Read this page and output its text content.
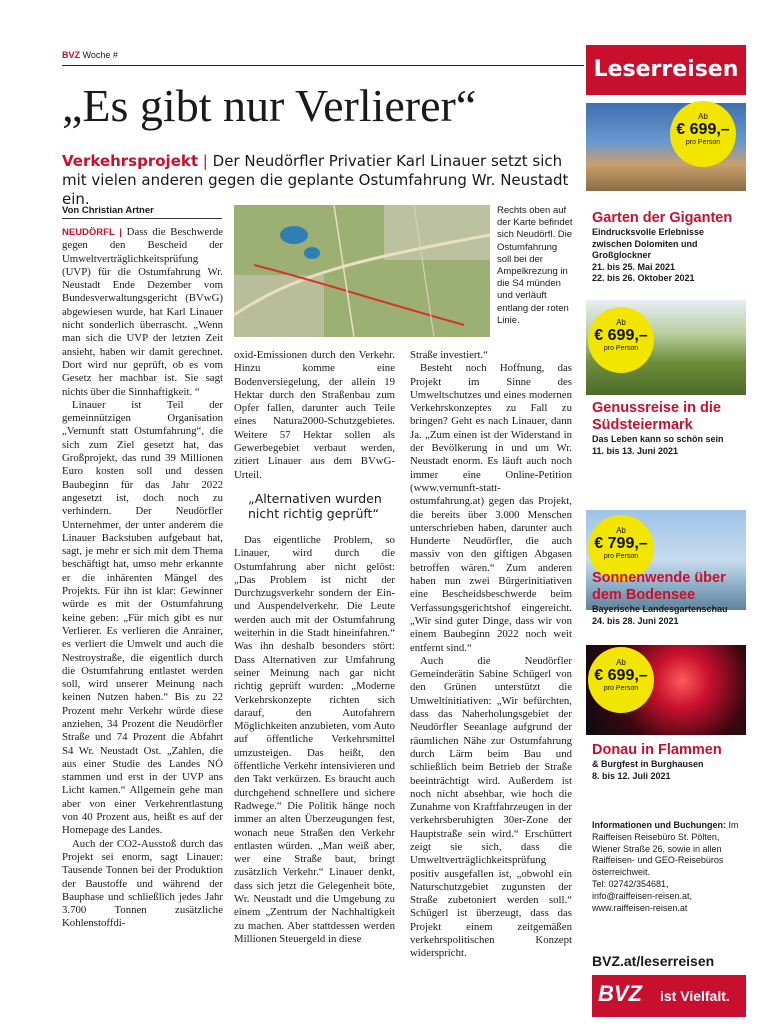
BVZ Woche #
„Es gibt nur Verlierer“
Verkehrsprojekt | Der Neudörfler Privatier Karl Linauer setzt sich mit vielen anderen gegen die geplante Ostumfahrung Wr. Neustadt ein.
Von Christian Artner

NEUDÖRFL | Dass die Beschwerde gegen den Bescheid der Umweltverträglichkeitsprüfung (UVP) für die Ostumfahrung Wr. Neustadt Ende Dezember vom Bundesverwaltungsgericht (BVwG) abgewiesen wurde, hat Karl Linauer nicht sonderlich überrascht. „Wenn man sich die UVP der letzten Zeit ansieht, haben wir damit gerechnet. Dort wird nur geprüft, ob es vom Gesetz her machbar ist. Sie sagt nichts über die Sinnhaftigkeit. “

Linauer ist Teil der gemeinnützigen Organisation „Vernunft statt Ostumfahrung“, die sich zum Ziel gesetzt hat, das Großprojekt, das rund 39 Millionen Euro kosten soll und dessen Baubeginn für das Jahr 2022 angesetzt ist, doch noch zu verhindern. Der Neudörfler Unternehmer, der unter anderem die Linauer Backstuben aufgebaut hat, sagt, je mehr er sich mit dem Thema beschäftigt hat, umso mehr erkannte er die inhärenten Mängel des Projekts. Für ihn ist klar: Gewinner würde es mit der Ostumfahrung keine geben: „Für mich gibt es nur Verlierer. Es verlieren die Anrainer, es verliert die Umwelt und auch die Nestroystraße, die eigentlich durch die Ostumfahrung entlastet werden soll, wird unserer Meinung nach keinen Nutzen haben.“ Bis zu 22 Prozent mehr Verkehr würde diese anziehen, 34 Prozent die Neudörfler Straße und 74 Prozent die Abfahrt S4 Wr. Neustadt Ost. „Zahlen, die aus einer Studie des Landes NÖ stammen und erst in der UVP ans Licht kamen.“ Allgemein gehe man aber von einer Verkehrentlastung von 40 Prozent aus, heißt es auf der Homepage des Landes.

Auch der CO2-Ausstoß durch das Projekt sei enorm, sagt Linauer: Tausende Tonnen bei der Produktion der Baustoffe und während der Bauphase und schließlich jedes Jahr 3.700 Tonnen zusätzliche Kohlenstoffdi-

Rechts oben auf der Karte befindet sich Neudörfl. Die Ostumfahrung soll bei der Ampelkrezung in die S4 münden und verläuft entlang der roten Linie.

oxid-Emissionen durch den Verkehr. Hinzu komme eine Bodenversiegelung, der allein 19 Hektar durch den Straßenbau zum Opfer fallen, darunter auch Teile eines Natura2000-Schutzgebietes. Weitere 57 Hektar sollen als Gewerbegebiet verbaut werden, zitiert Linauer aus dem BVwG-Urteil.

„Alternativen wurden nicht richtig geprüft“

Das eigentliche Problem, so Linauer, wird durch die Ostumfahrung aber nicht gelöst: „Das Problem ist nicht der Durchzugsverkehr sondern der Ein- und Auspendelverkehr. Die Leute werden auch mit der Ostumfahrung weiterhin in die Stadt hineinfahren.“ Was ihn deshalb besonders stört: Dass Alternativen zur Umfahrung seiner Meinung nach gar nicht richtig geprüft wurden: „Moderne Verkehrskonzepte richten sich darauf, den Autofahrern Möglichkeiten anzubieten, vom Auto auf öffentliche Verkehrsmittel umzusteigen. Das heißt, den öffentliche Verkehr intensivieren und den Takt verkürzen. Es braucht auch durchgehend schnellere und sichere Radwege.“ Die Politik hänge noch immer an alten Überzeugungen fest, wonach neue Straßen den Verkehr entlasten würden. „Man weiß aber, wer eine Straße baut, bringt zusätzlich Verkehr.“ Linauer denkt, dass sich jetzt die Gelegenheit böte, Wr. Neustadt und die Umgebung zu einem „Zentrum der Nachhaltigkeit zu machen. Aber stattdessen werden Millionen Steuergeld in diese

Straße investiert.“

Besteht noch Hoffnung, das Projekt im Sinne des Umweltschutzes und eines modernen Verkehrskonzeptes zu Fall zu bringen? Geht es nach Linauer, dann Ja. „Zum einen ist der Widerstand in der Bevölkerung in und um Wr. Neustadt enorm. Es läuft auch noch immer eine Online-Petition (www.vernunft-statt-ostumfahrung.at) gegen das Projekt, die bereits über 3.000 Menschen unterschrieben haben, darunter auch Hunderte Neudörfler, die auch massiv von den giftigen Abgasen betroffen wären.“ Zum anderen haben nun zwei Bürgerinitiativen eine Bescheidsbeschwerde beim Verfassungsgerichtshof eingereicht. „Wir sind guter Dinge, dass wir von einem Baubeginn 2022 noch weit entfernt sind.“

Auch die Neudörfler Gemeinderätin Sabine Schügerl von den Grünen unterstützt die Umweltinitiativen: „Wir befürchten, dass das Naherholungsgebiet der Neudörfler Seeanlage aufgrund der räumlichen Nähe zur Ostumfahrung durch Lärm beim Bau und schließlich beim Betrieb der Straße beeinträchtigt wird. Außerdem ist noch nicht absehbar, wie hoch die Zunahme von Kraftfahrzeugen in der verkehrsberuhigten 30er-Zone der Hauptstraße sein wird.“ Erschüttert zeigt sie sich, dass die Umweltverträglichkeitsprüfung positiv ausgefallen ist, „obwohl ein Naturschutzgebiet zugunsten der Straße zubetoniert werden soll.“ Schügerl ist überzeugt, dass das Projekt einem zeitgemäßen verkehrspolitischen Konzept widerspricht.

Leserreisen
Ab
€ 699,–
pro Person
Garten der Giganten
Eindrucksvolle Erlebnisse zwischen Dolomiten und Großglockner
21. bis 25. Mai 2021
22. bis 26. Oktober 2021
Ab
€ 699,–
pro Person
Genussreise in die Südsteiermark
Das Leben kann so schön sein
11. bis 13. Juni 2021
Ab
€ 799,–
pro Person
Sonnenwende über dem Bodensee
Bayerische Landesgartenschau
24. bis 28. Juni 2021
Ab
€ 699,–
pro Person
Donau in Flammen
& Burgfest in Burghausen
8. bis 12. Juli 2021
Informationen und Buchungen: Im Raiffeisen Reisebüro St. Pölten, Wiener Straße 26, sowie in allen Raiffeisen- und GEO-Reisebüros österreichweit.
Tel: 02742/354681,
info@raiffeisen-reisen.at,
www.raiffeisen-reisen.at
BVZ.at/leserreisen
BVZ ist Vielfalt.
